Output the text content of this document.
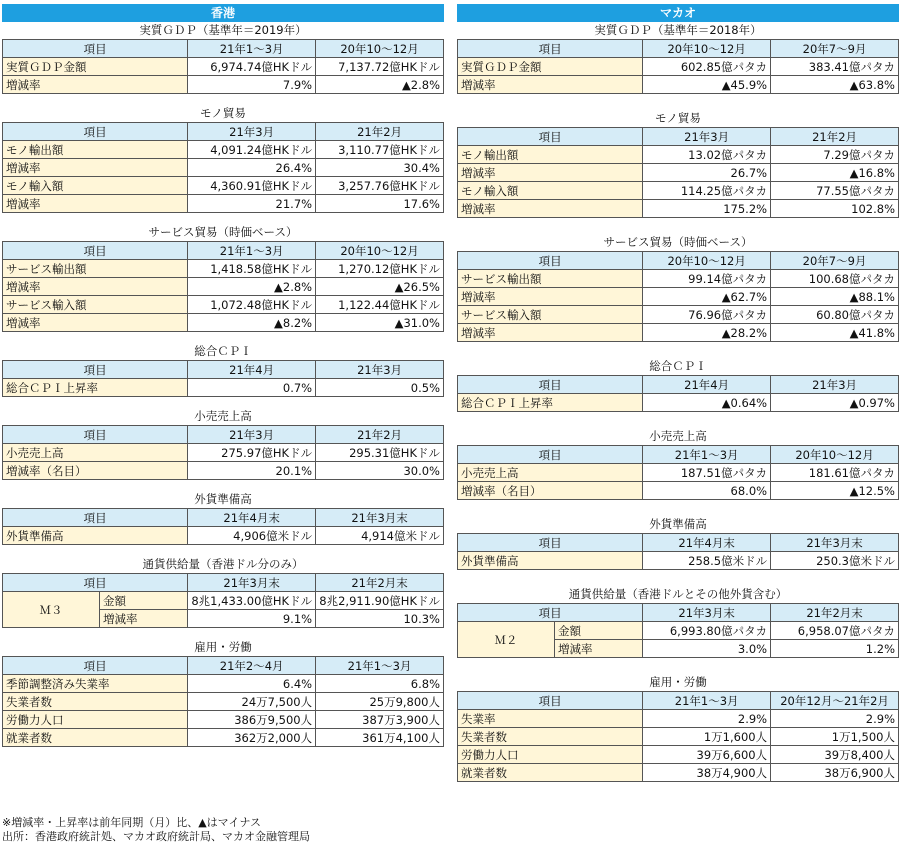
香港
実質ＧＤＰ（基準年＝2019年）
項目	21年1～3月	20年10～12月
実質ＧＤＰ金額	6,974.74億HKドル	7,137.72億HKドル
増減率	7.9%	▲2.8%
モノ貿易
項目	21年3月	21年2月
モノ輸出額	4,091.24億HKドル	3,110.77億HKドル
増減率	26.4%	30.4%
モノ輸入額	4,360.91億HKドル	3,257.76億HKドル
増減率	21.7%	17.6%
サービス貿易（時価ベース）
項目	21年1～3月	20年10～12月
サービス輸出額	1,418.58億HKドル	1,270.12億HKドル
増減率	▲2.8%	▲26.5%
サービス輸入額	1,072.48億HKドル	1,122.44億HKドル
増減率	▲8.2%	▲31.0%
総合ＣＰＩ
項目	21年4月	21年3月
総合ＣＰＩ上昇率	0.7%	0.5%
小売売上高
項目	21年3月	21年2月
小売売上高	275.97億HKドル	295.31億HKドル
増減率（名目）	20.1%	30.0%
外貨準備高
項目	21年4月末	21年3月末
外貨準備高	4,906億米ドル	4,914億米ドル
通貨供給量（香港ドル分のみ）
項目		21年3月末	21年2月末
Ｍ３	金額	8兆1,433.00億HKドル	8兆2,911.90億HKドル
	増減率	9.1%	10.3%
雇用・労働
項目	21年2～4月	21年1～3月
季節調整済み失業率	6.4%	6.8%
失業者数	24万7,500人	25万9,800人
労働力人口	386万9,500人	387万3,900人
就業者数	362万2,000人	361万4,100人
マカオ
実質ＧＤＰ（基準年＝2018年）
項目	20年10～12月	20年7～9月
実質ＧＤＰ金額	602.85億パタカ	383.41億パタカ
増減率	▲45.9%	▲63.8%
モノ貿易
項目	21年3月	21年2月
モノ輸出額	13.02億パタカ	7.29億パタカ
増減率	26.7%	▲16.8%
モノ輸入額	114.25億パタカ	77.55億パタカ
増減率	175.2%	102.8%
サービス貿易（時価ベース）
項目	20年10～12月	20年7～9月
サービス輸出額	99.14億パタカ	100.68億パタカ
増減率	▲62.7%	▲88.1%
サービス輸入額	76.96億パタカ	60.80億パタカ
増減率	▲28.2%	▲41.8%
総合ＣＰＩ
項目	21年4月	21年3月
総合ＣＰＩ上昇率	▲0.64%	▲0.97%
小売売上高
項目	21年1～3月	20年10～12月
小売売上高	187.51億パタカ	181.61億パタカ
増減率（名目）	68.0%	▲12.5%
外貨準備高
項目	21年4月末	21年3月末
外貨準備高	258.5億米ドル	250.3億米ドル
通貨供給量（香港ドルとその他外貨含む）
項目		21年3月末	21年2月末
Ｍ２	金額	6,993.80億パタカ	6,958.07億パタカ
	増減率	3.0%	1.2%
雇用・労働
項目	21年1～3月	20年12月～21年2月
失業率	2.9%	2.9%
失業者数	1万1,600人	1万1,500人
労働力人口	39万6,600人	39万8,400人
就業者数	38万4,900人	38万6,900人
※増減率・上昇率は前年同期（月）比、▲はマイナス
出所：香港政府統計処、マカオ政府統計局、マカオ金融管理局
